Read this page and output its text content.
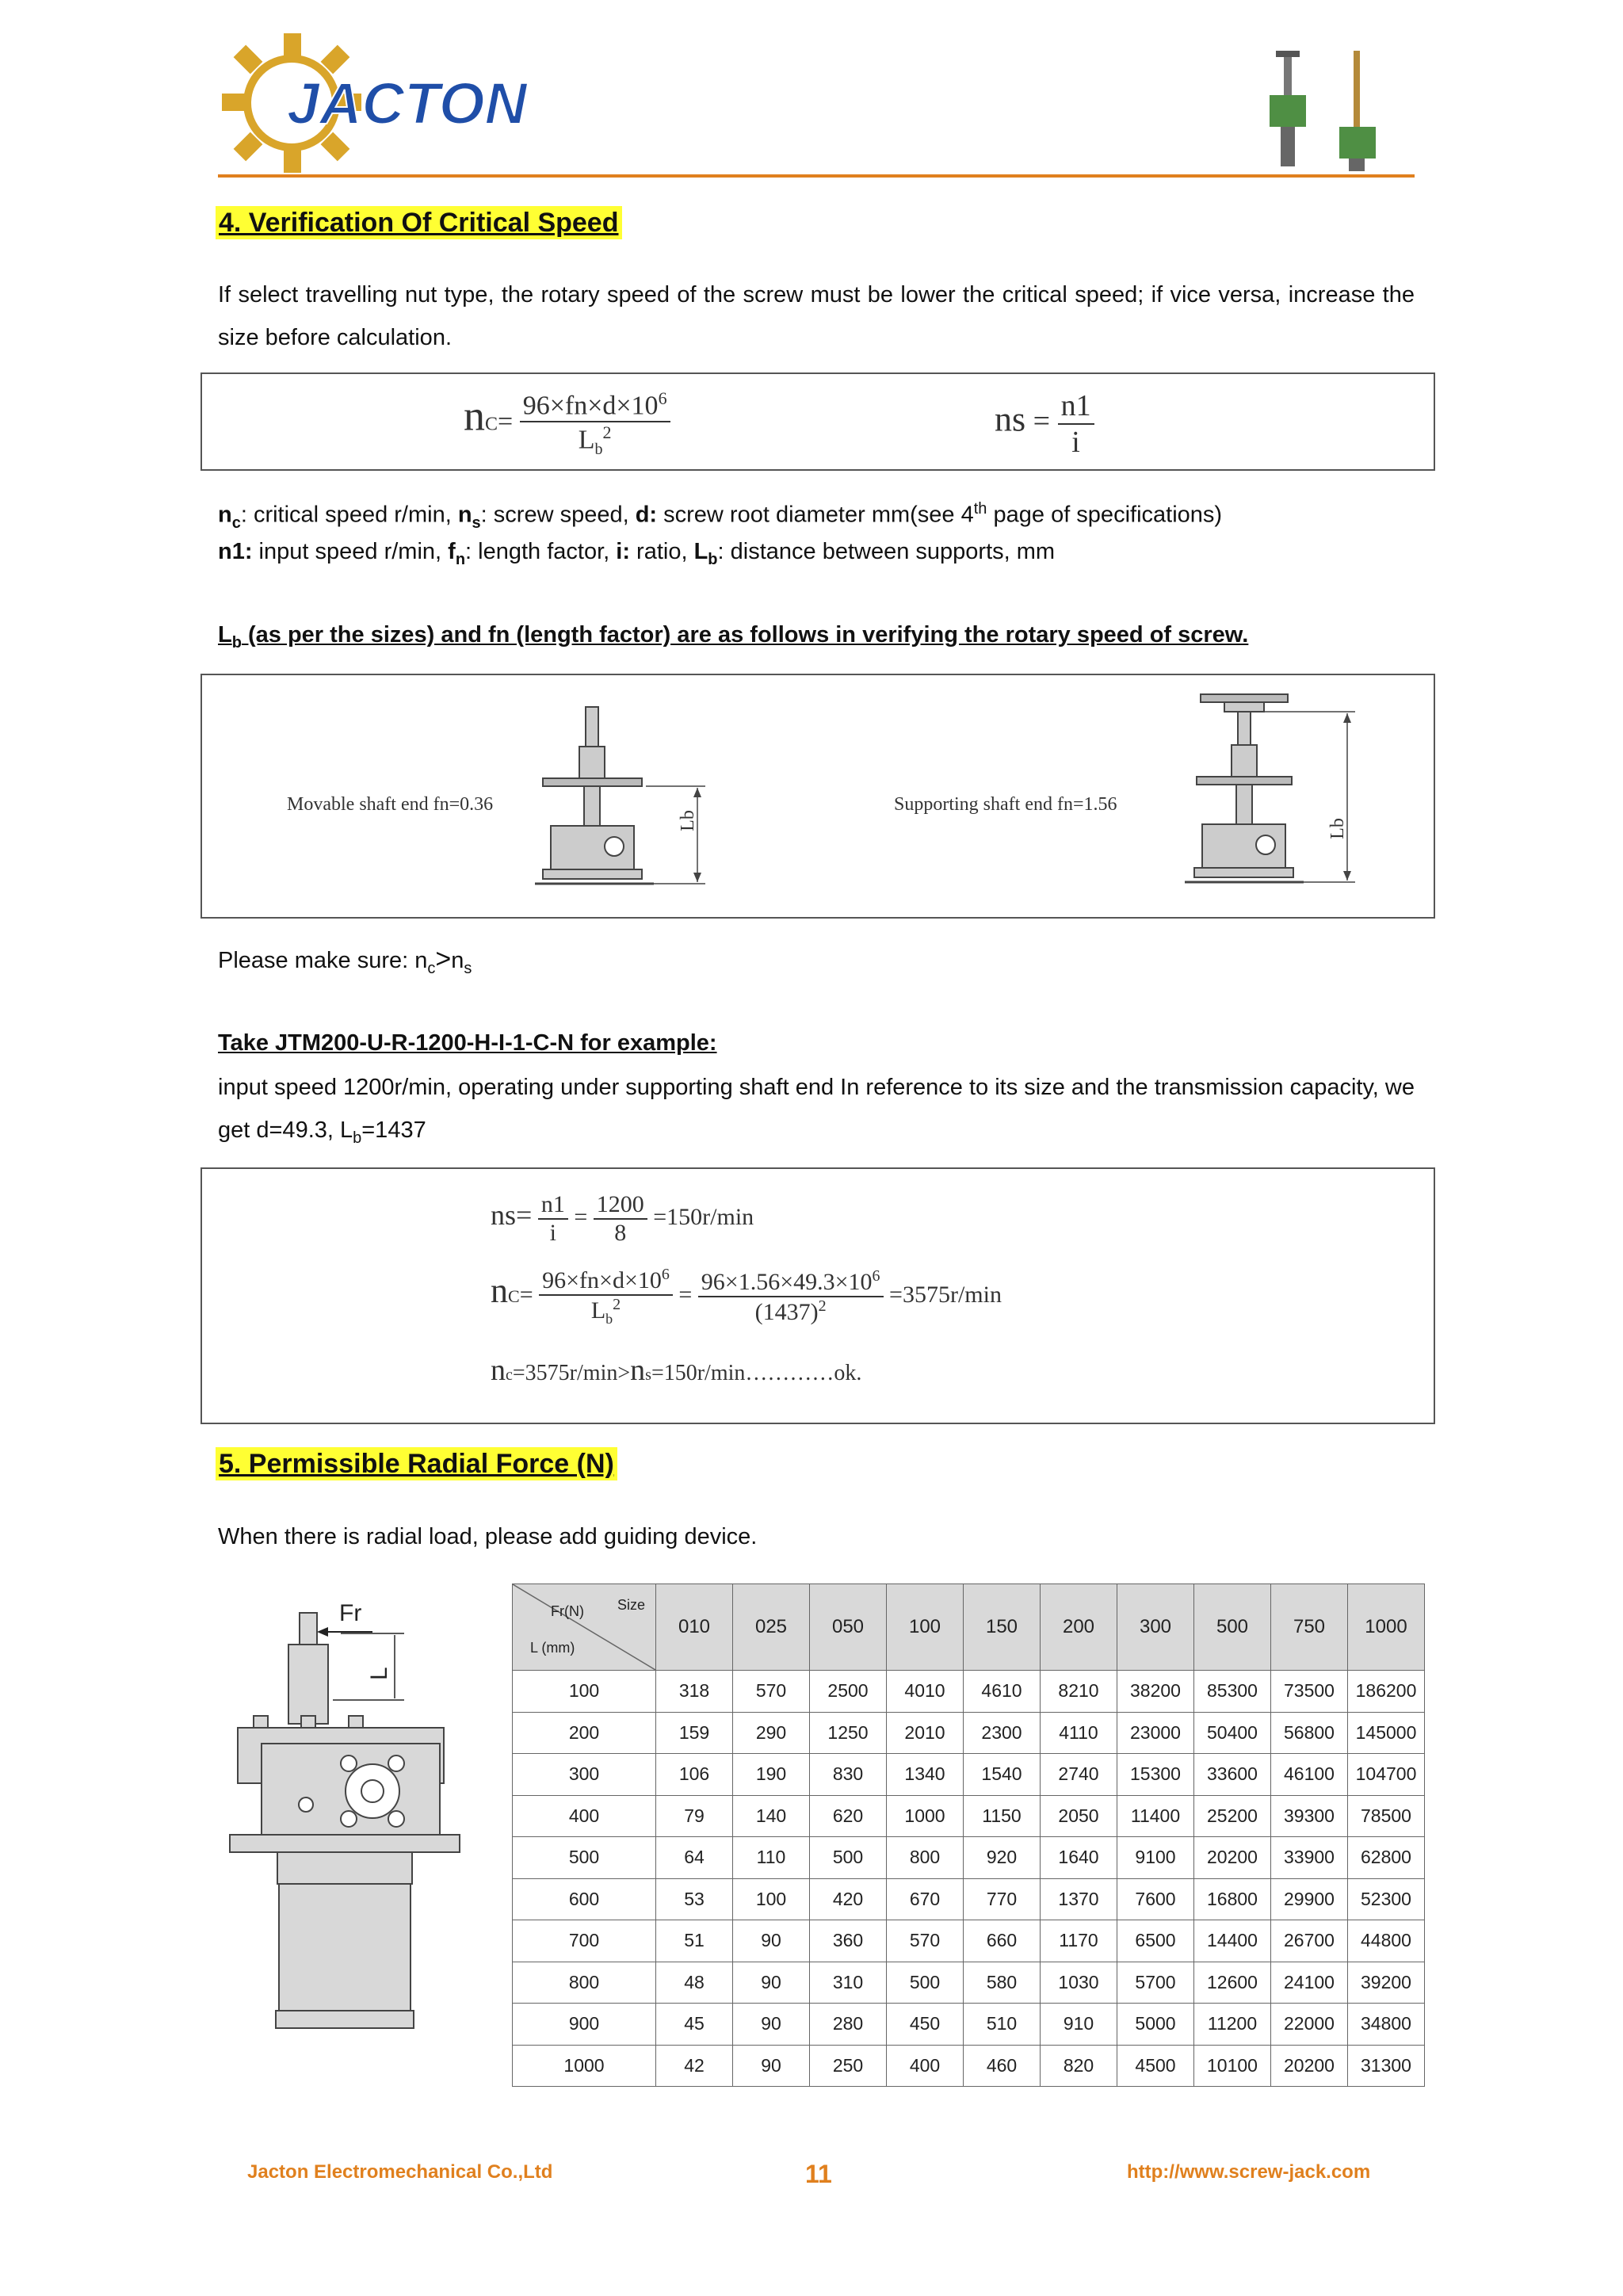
JACTON
4. Verification Of Critical Speed
If select travelling nut type, the rotary speed of the screw must be lower the critical speed; if vice versa, increase the size before calculation.
$nC= \frac{96\times fn\times d\times 10^6}{L_b^2}$	ns = $\frac{n1}{i}$
$n_c$: critical speed r/min, $n_s$: screw speed, d: screw root diameter mm(see 4th page of specifications)
n1: input speed r/min, $f_n$: length factor, i: ratio, $L_b$: distance between supports, mm
$L_b$ (as per the sizes) and fn (length factor) are as follows in verifying the rotary speed of screw.
Movable shaft end fn=0.36
Lb
Supporting shaft end fn=1.56
Lb
Please make sure: $n_c>n_s$
Take JTM200-U-R-1200-H-I-1-C-N for example:
input speed 1200r/min, operating under supporting shaft end In reference to its size and the transmission capacity, we get d=49.3, $L_b=1437$
$ns= \frac{n1}{i} = \frac{1200}{8} =150r/\min$
$nC= \frac{96\times fn\times d\times 10^6}{L_b^2} = \frac{96\times 1.56\times 49.3\times 10^6}{(1437)^2} =3575r/\min$
nc=3575r/min>ns=150r/min…………ok.
5. Permissible Radial Force (N)
When there is radial load, please add guiding device.
Fr
L
Fr(N) Size
L (mm)	010	025	050	100	150	200	300	500	750	1000
100	318	570	2500	4010	4610	8210	38200	85300	73500	186200
200	159	290	1250	2010	2300	4110	23000	50400	56800	145000
300	106	190	830	1340	1540	2740	15300	33600	46100	104700
400	79	140	620	1000	1150	2050	11400	25200	39300	78500
500	64	110	500	800	920	1640	9100	20200	33900	62800
600	53	100	420	670	770	1370	7600	16800	29900	52300
700	51	90	360	570	660	1170	6500	14400	26700	44800
800	48	90	310	500	580	1030	5700	12600	24100	39200
900	45	90	280	450	510	910	5000	11200	22000	34800
1000	42	90	250	400	460	820	4500	10100	20200	31300
Jacton Electromechanical Co.,Ltd	11	http://www.screw-jack.com
